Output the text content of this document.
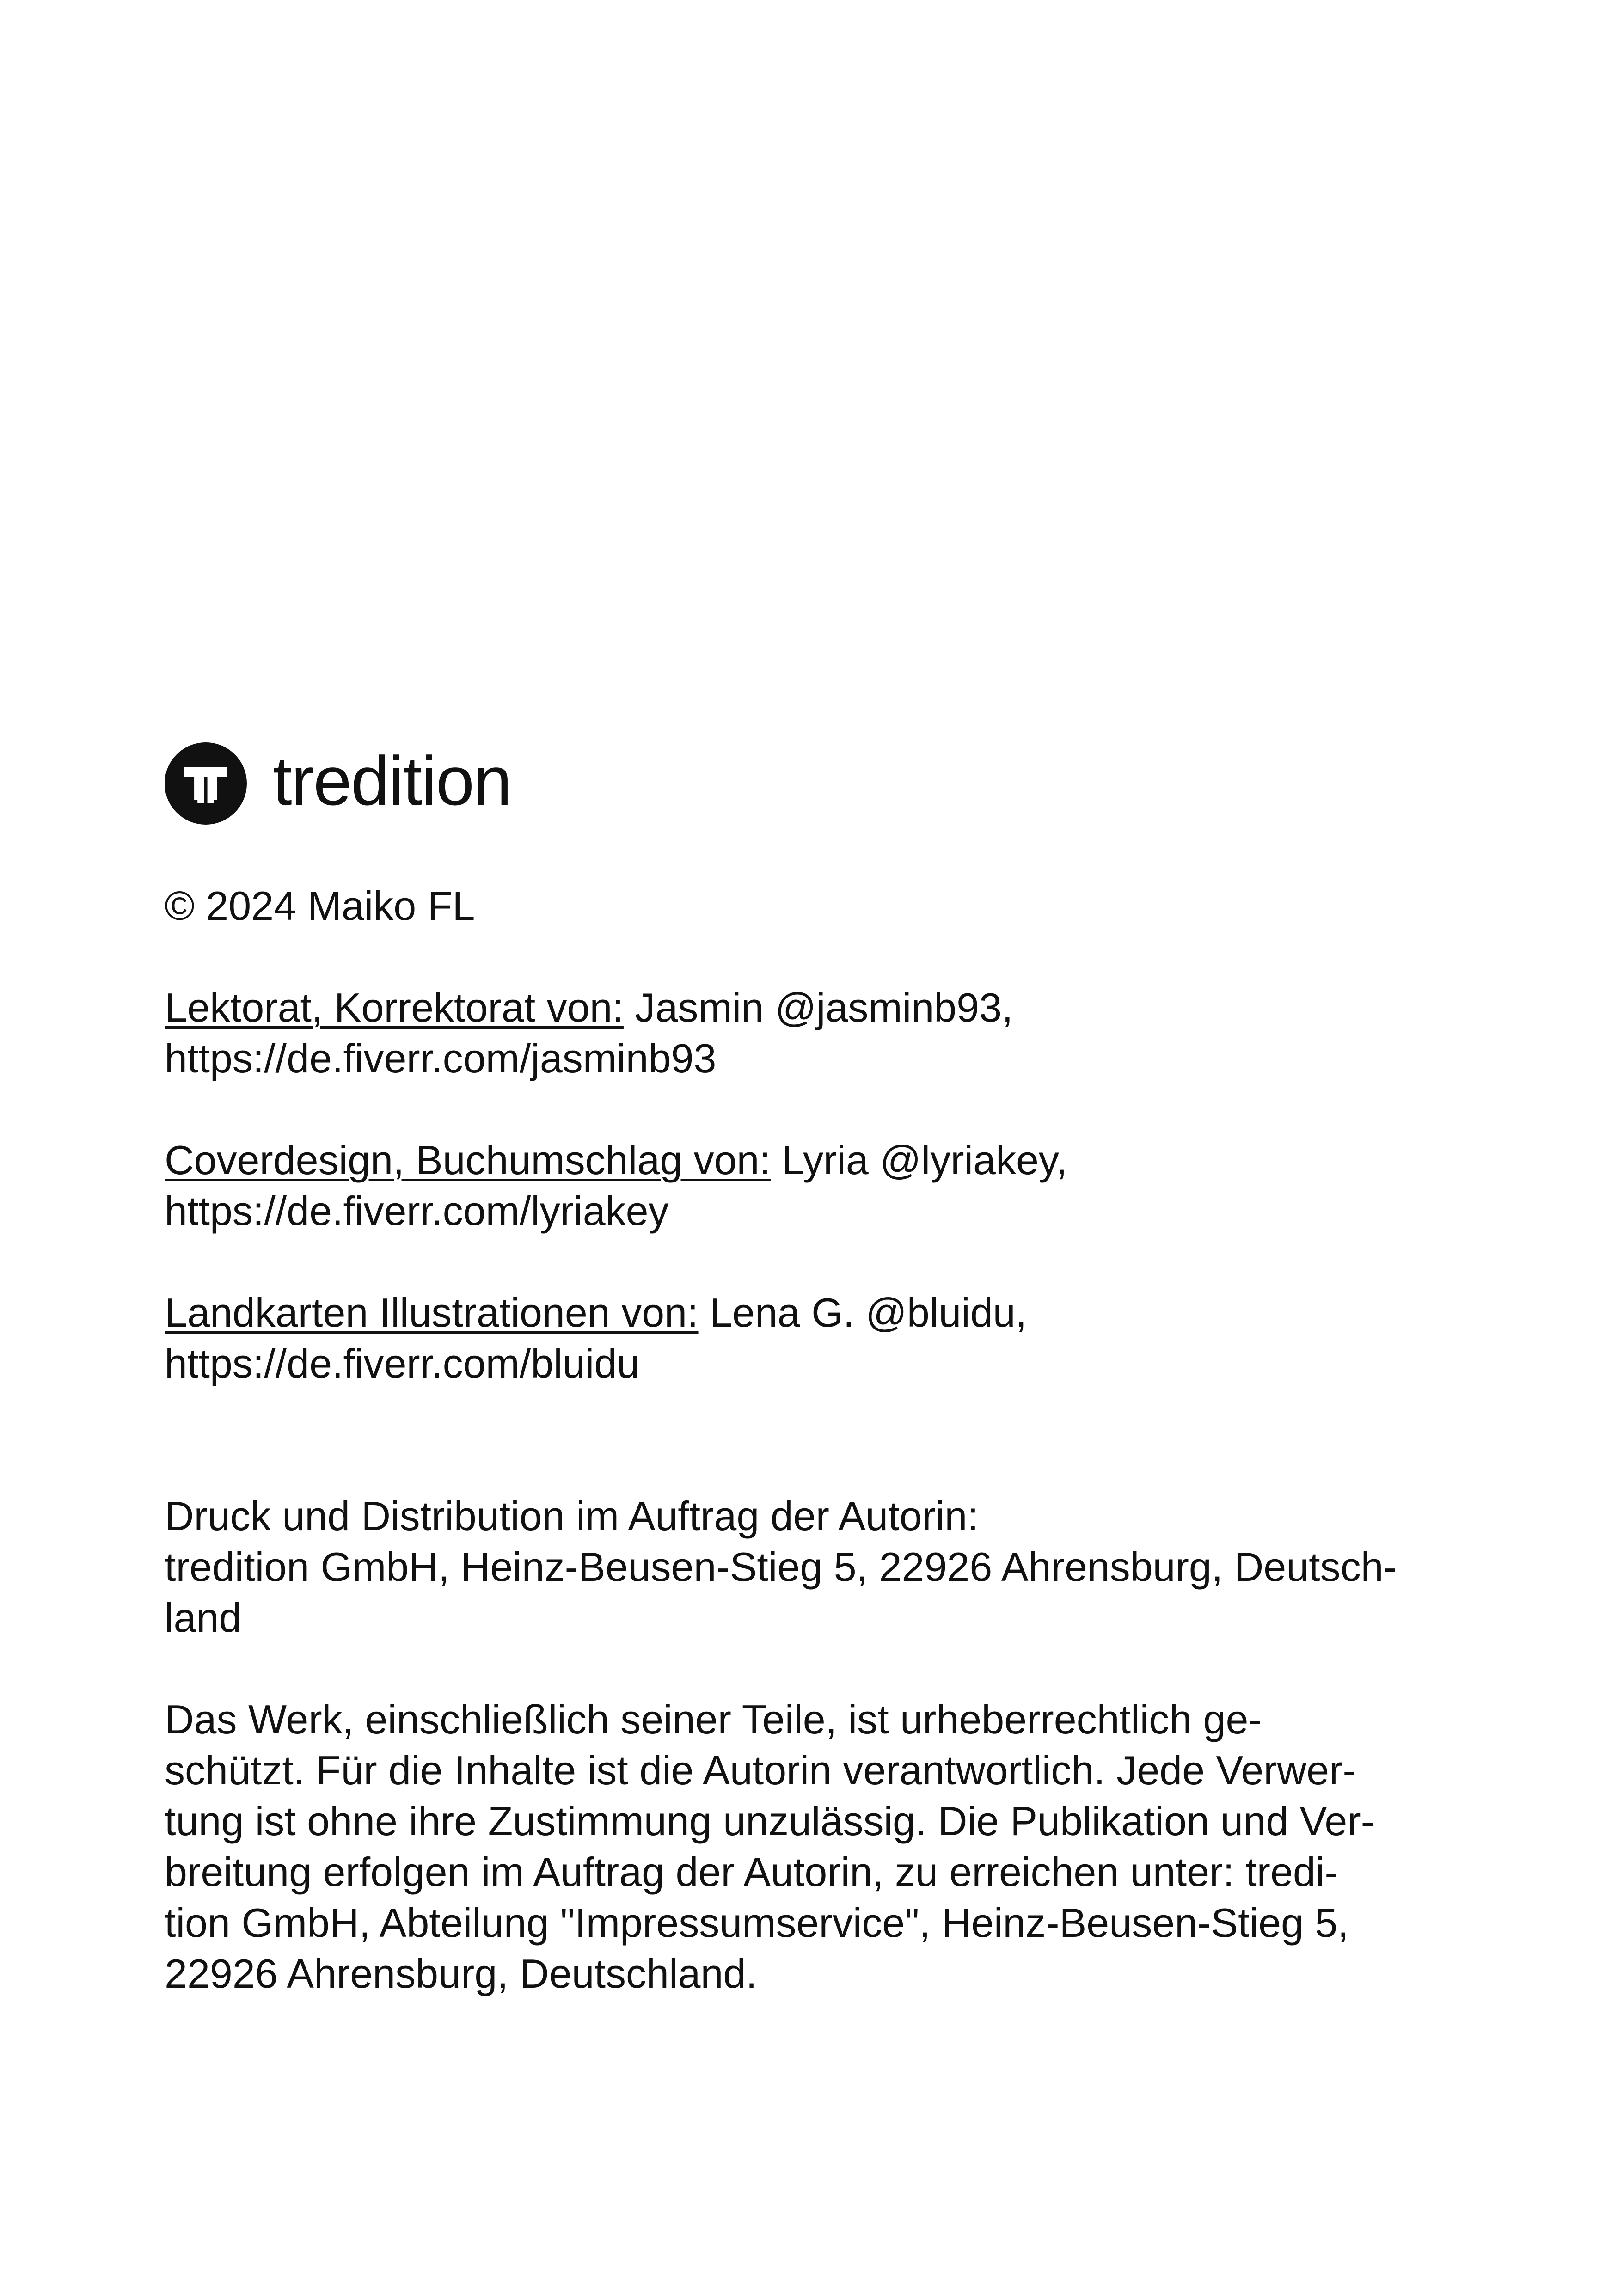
tredition

© 2024 Maiko FL

Lektorat, Korrektorat von: Jasmin @jasminb93,
https://de.fiverr.com/jasminb93

Coverdesign, Buchumschlag von: Lyria @lyriakey,
https://de.fiverr.com/lyriakey

Landkarten Illustrationen von: Lena G. @bluidu,
https://de.fiverr.com/bluidu

Druck und Distribution im Auftrag der Autorin:
tredition GmbH, Heinz-Beusen-Stieg 5, 22926 Ahrensburg, Deutsch-
land

Das Werk, einschließlich seiner Teile, ist urheberrechtlich ge-
schützt. Für die Inhalte ist die Autorin verantwortlich. Jede Verwer-
tung ist ohne ihre Zustimmung unzulässig. Die Publikation und Ver-
breitung erfolgen im Auftrag der Autorin, zu erreichen unter: tredi-
tion GmbH, Abteilung "Impressumservice", Heinz-Beusen-Stieg 5,
22926 Ahrensburg, Deutschland.
